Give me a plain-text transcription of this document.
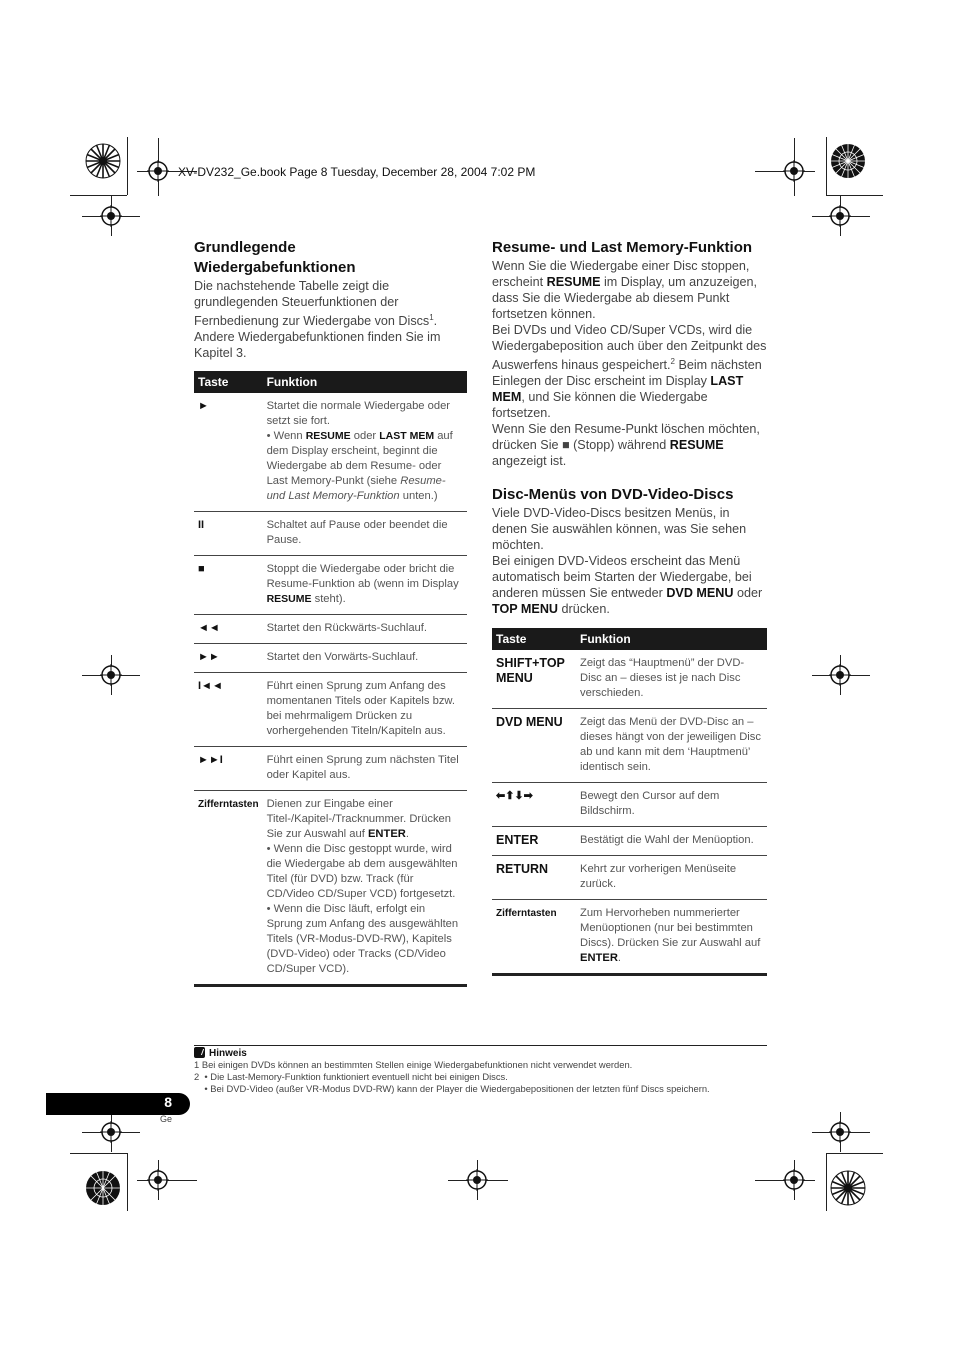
XV-DV232_Ge.book Page 8 Tuesday, December 28, 2004 7:02 PM
Grundlegende
Wiedergabefunktionen

Die nachstehende Tabelle zeigt die grundlegenden Steuerfunktionen der Fernbedienung zur Wiedergabe von Discs$^1$. Andere Wiedergabefunktionen finden Sie im Kapitel 3.

Taste	Funktion
►	Startet die normale Wiedergabe oder setzt sie fort.
• Wenn RESUME oder LAST MEM auf dem Display erscheint, beginnt die Wiedergabe ab dem Resume- oder Last Memory-Punkt (siehe Resume- und Last Memory-Funktion unten.)
II	Schaltet auf Pause oder beendet die Pause.
■	Stoppt die Wiedergabe oder bricht die Resume-Funktion ab (wenn im Display RESUME steht).
◄◄	Startet den Rückwärts-Suchlauf.
►►	Startet den Vorwärts-Suchlauf.
I◄◄	Führt einen Sprung zum Anfang des momentanen Titels oder Kapitels bzw. bei mehrmaligem Drücken zu vorhergehenden Titeln/Kapiteln aus.
►►I	Führt einen Sprung zum nächsten Titel oder Kapitel aus.
Zifferntasten	Dienen zur Eingabe einer Titel-/Kapitel-/Tracknummer. Drücken Sie zur Auswahl auf ENTER.
• Wenn die Disc gestoppt wurde, wird die Wiedergabe ab dem ausgewählten Titel (für DVD) bzw. Track (für CD/Video CD/Super VCD) fortgesetzt.
• Wenn die Disc läuft, erfolgt ein Sprung zum Anfang des ausgewählten Titels (VR-Modus-DVD-RW), Kapitels (DVD-Video) oder Tracks (CD/Video CD/Super VCD).
Resume- und Last Memory-Funktion

Wenn Sie die Wiedergabe einer Disc stoppen, erscheint RESUME im Display, um anzuzeigen, dass Sie die Wiedergabe ab diesem Punkt fortsetzen können.

Bei DVDs und Video CD/Super VCDs, wird die Wiedergabeposition auch über den Zeitpunkt des Auswerfens hinaus gespeichert.$^2$ Beim nächsten Einlegen der Disc erscheint im Display LAST MEM, und Sie können die Wiedergabe fortsetzen.

Wenn Sie den Resume-Punkt löschen möchten, drücken Sie ■ (Stopp) während RESUME angezeigt ist.

Disc-Menüs von DVD-Video-Discs

Viele DVD-Video-Discs besitzen Menüs, in denen Sie auswählen können, was Sie sehen möchten.

Bei einigen DVD-Videos erscheint das Menü automatisch beim Starten der Wiedergabe, bei anderen müssen Sie entweder DVD MENU oder TOP MENU drücken.

Taste	Funktion
SHIFT+TOP MENU	Zeigt das “Hauptmenü” der DVD-Disc an – dieses ist je nach Disc verschieden.
DVD MENU	Zeigt das Menü der DVD-Disc an – dieses hängt von der jeweiligen Disc ab und kann mit dem ‘Hauptmenü’ identisch sein.
⬅⬆⬇➡	Bewegt den Cursor auf dem Bildschirm.
ENTER	Bestätigt die Wahl der Menüoption.
RETURN	Kehrt zur vorherigen Menüseite zurück.
Zifferntasten	Zum Hervorheben nummerierter Menüoptionen (nur bei bestimmten Discs). Drücken Sie zur Auswahl auf ENTER.
Hinweis
1 Bei einigen DVDs können an bestimmten Stellen einige Wiedergabefunktionen nicht verwendet werden.
2  • Die Last-Memory-Funktion funktioniert eventuell nicht bei einigen Discs.
• Bei DVD-Video (außer VR-Modus DVD-RW) kann der Player die Wiedergabepositionen der letzten fünf Discs speichern.
8
Ge
